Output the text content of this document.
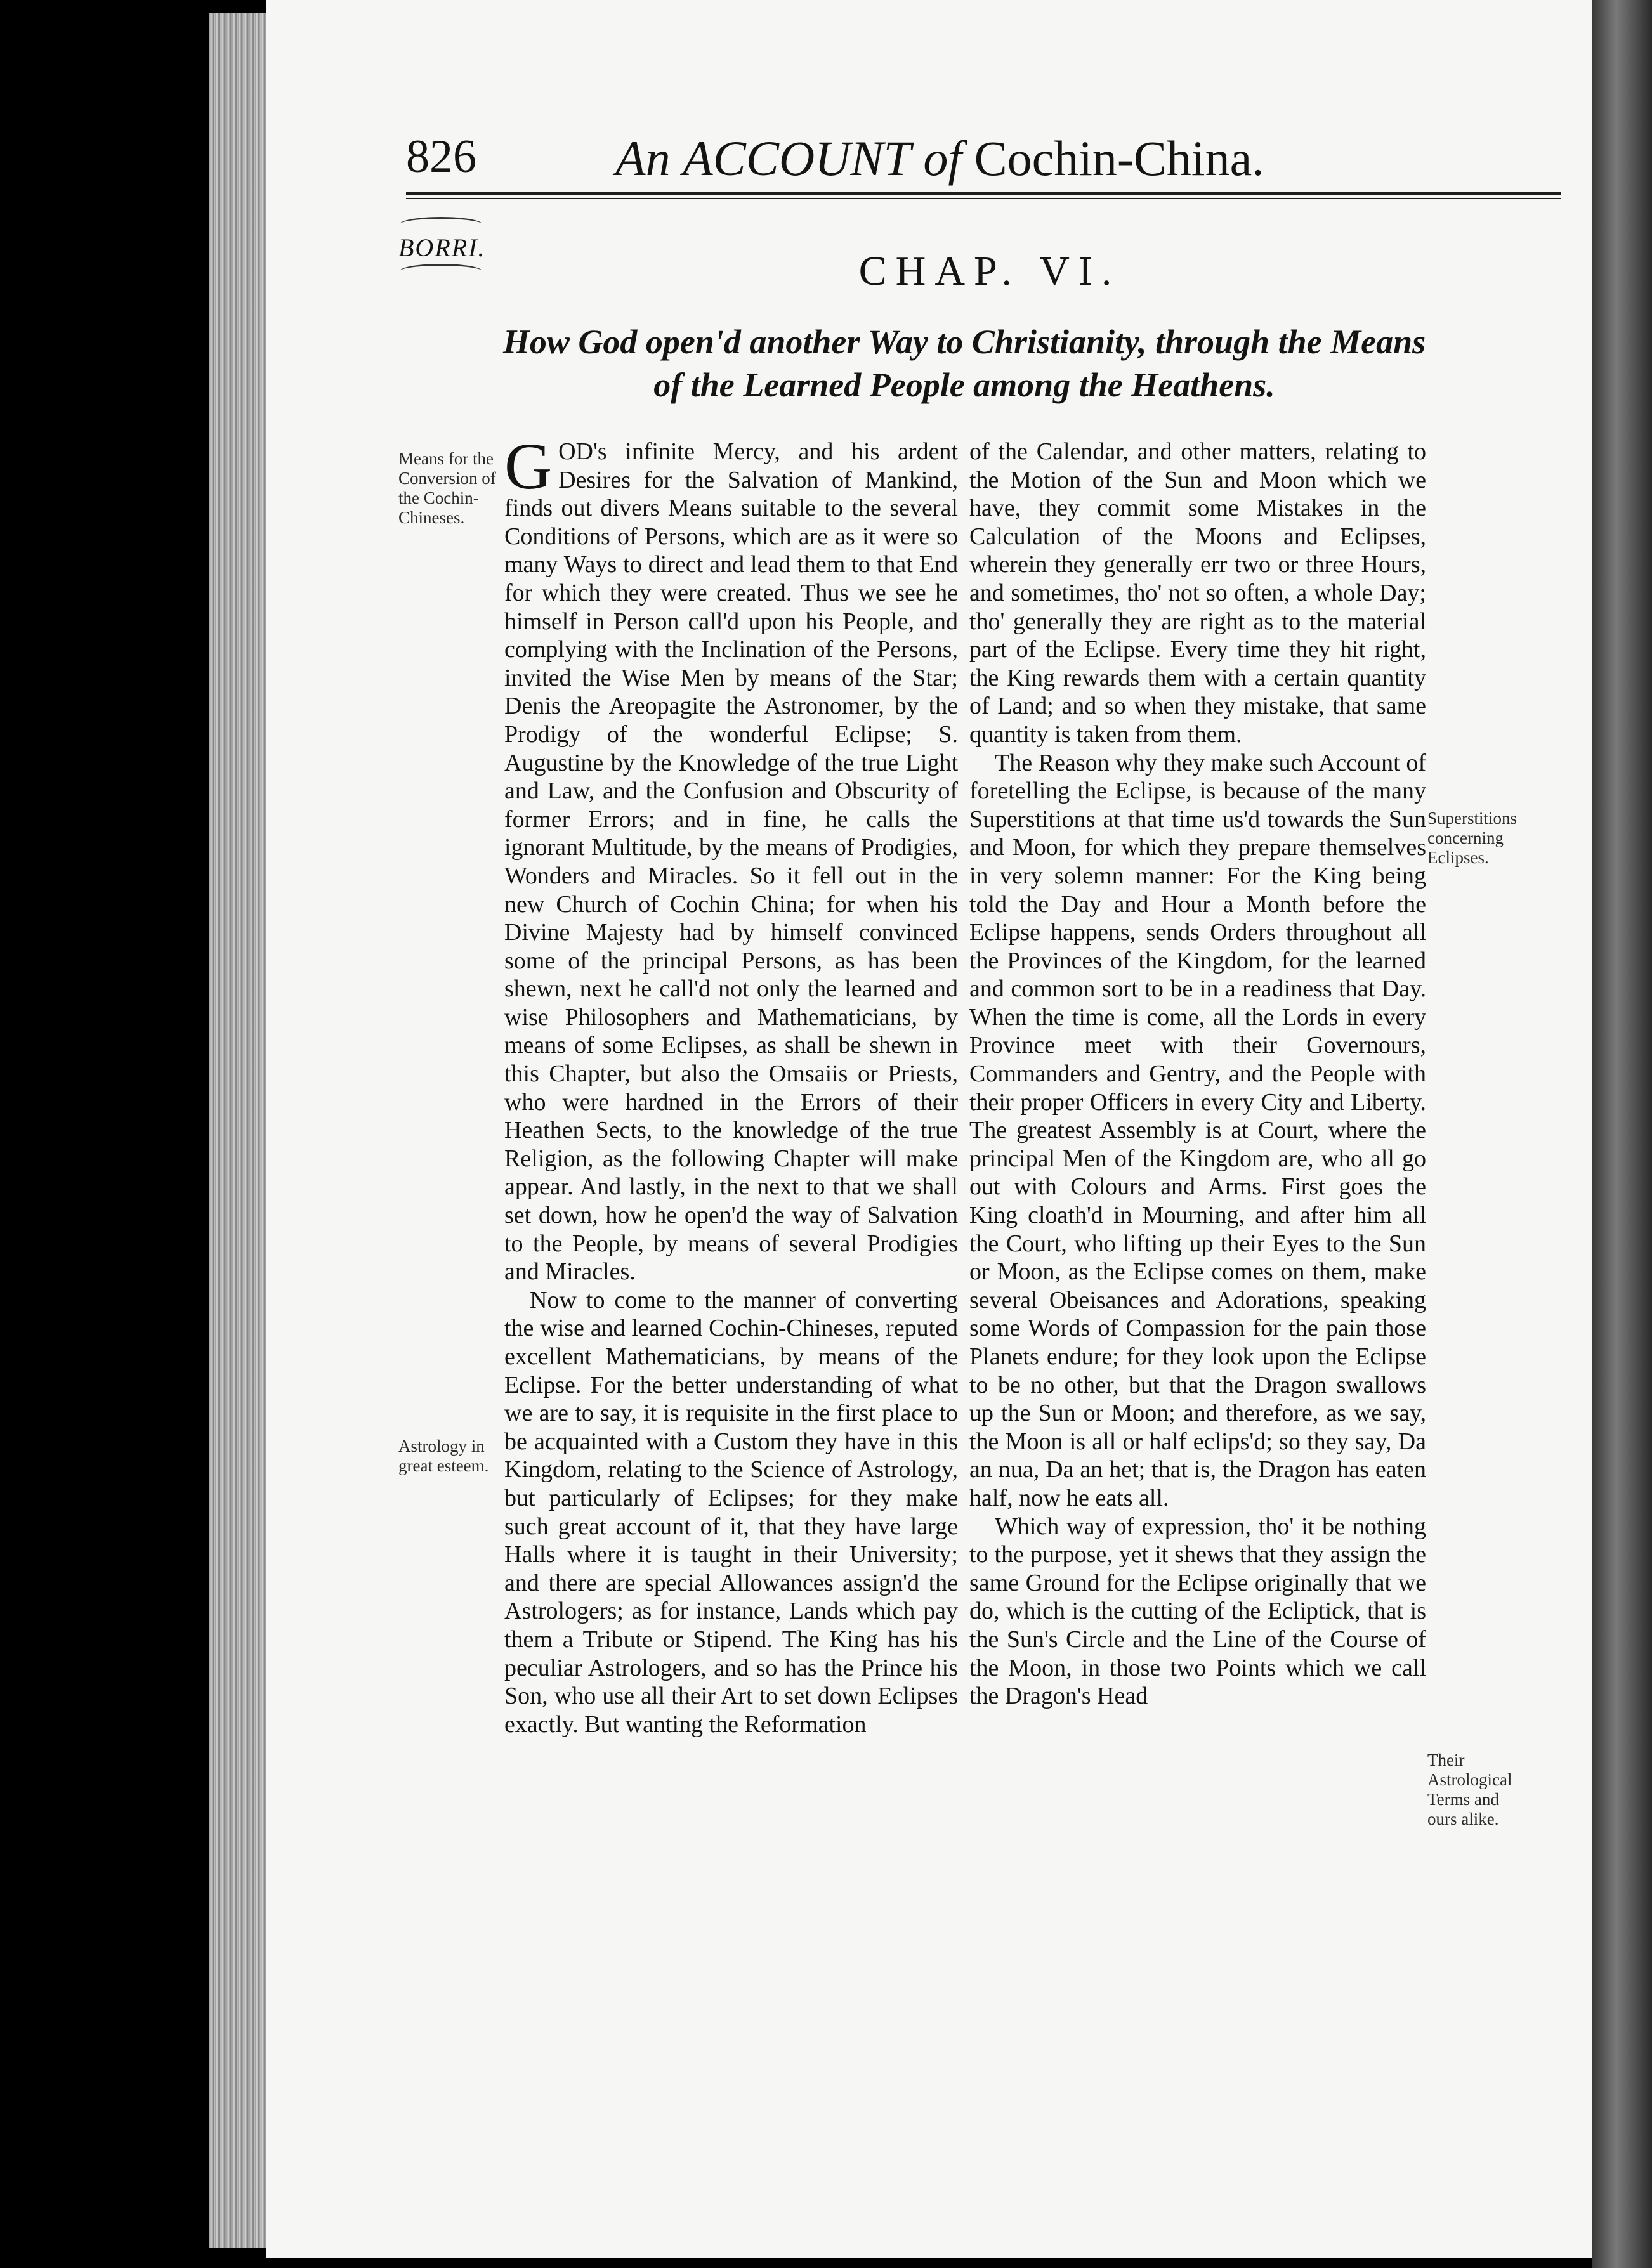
826	An ACCOUNT of Cochin-China.
BORRI.
CHAP. VI.
How God open'd another Way to Christianity, through the Means
of the Learned People among the Heathens.
Means for the Conversion of the Cochin-Chineses.
Astrology in great esteem.
Superstitions concerning Eclipses.
Their Astrological Terms and ours alike.

GOD's infinite Mercy, and his ardent Desires for the Salvation of Mankind, finds out divers Means suitable to the several Conditions of Persons, which are as it were so many Ways to direct and lead them to that End for which they were created. Thus we see he himself in Person call'd upon his People, and complying with the Inclination of the Persons, invited the Wise Men by means of the Star; Denis the Areopagite the Astronomer, by the Prodigy of the wonderful Eclipse; S. Augustine by the Knowledge of the true Light and Law, and the Confusion and Obscurity of former Errors; and in fine, he calls the ignorant Multitude, by the means of Prodigies, Wonders and Miracles. So it fell out in the new Church of Cochin China; for when his Divine Majesty had by himself convinced some of the principal Persons, as has been shewn, next he call'd not only the learned and wise Philosophers and Mathematicians, by means of some Eclipses, as shall be shewn in this Chapter, but also the Omsaiis or Priests, who were hardned in the Errors of their Heathen Sects, to the knowledge of the true Religion, as the following Chapter will make appear. And lastly, in the next to that we shall set down, how he open'd the way of Salvation to the People, by means of several Prodigies and Miracles.

Now to come to the manner of converting the wise and learned Cochin-Chineses, reputed excellent Mathematicians, by means of the Eclipse. For the better understanding of what we are to say, it is requisite in the first place to be acquainted with a Custom they have in this Kingdom, relating to the Science of Astrology, but particularly of Eclipses; for they make such great account of it, that they have large Halls where it is taught in their University; and there are special Allowances assign'd the Astrologers; as for instance, Lands which pay them a Tribute or Stipend. The King has his peculiar Astrologers, and so has the Prince his Son, who use all their Art to set down Eclipses exactly. But wanting the Reformation

of the Calendar, and other matters, relating to the Motion of the Sun and Moon which we have, they commit some Mistakes in the Calculation of the Moons and Eclipses, wherein they generally err two or three Hours, and sometimes, tho' not so often, a whole Day; tho' generally they are right as to the material part of the Eclipse. Every time they hit right, the King rewards them with a certain quantity of Land; and so when they mistake, that same quantity is taken from them.

The Reason why they make such Account of foretelling the Eclipse, is because of the many Superstitions at that time us'd towards the Sun and Moon, for which they prepare themselves in very solemn manner: For the King being told the Day and Hour a Month before the Eclipse happens, sends Orders throughout all the Provinces of the Kingdom, for the learned and common sort to be in a readiness that Day. When the time is come, all the Lords in every Province meet with their Governours, Commanders and Gentry, and the People with their proper Officers in every City and Liberty. The greatest Assembly is at Court, where the principal Men of the Kingdom are, who all go out with Colours and Arms. First goes the King cloath'd in Mourning, and after him all the Court, who lifting up their Eyes to the Sun or Moon, as the Eclipse comes on them, make several Obeisances and Adorations, speaking some Words of Compassion for the pain those Planets endure; for they look upon the Eclipse to be no other, but that the Dragon swallows up the Sun or Moon; and therefore, as we say, the Moon is all or half eclips'd; so they say, Da an nua, Da an het; that is, the Dragon has eaten half, now he eats all.

Which way of expression, tho' it be nothing to the purpose, yet it shews that they assign the same Ground for the Eclipse originally that we do, which is the cutting of the Ecliptick, that is the Sun's Circle and the Line of the Course of the Moon, in those two Points which we call the Dragon's Head
